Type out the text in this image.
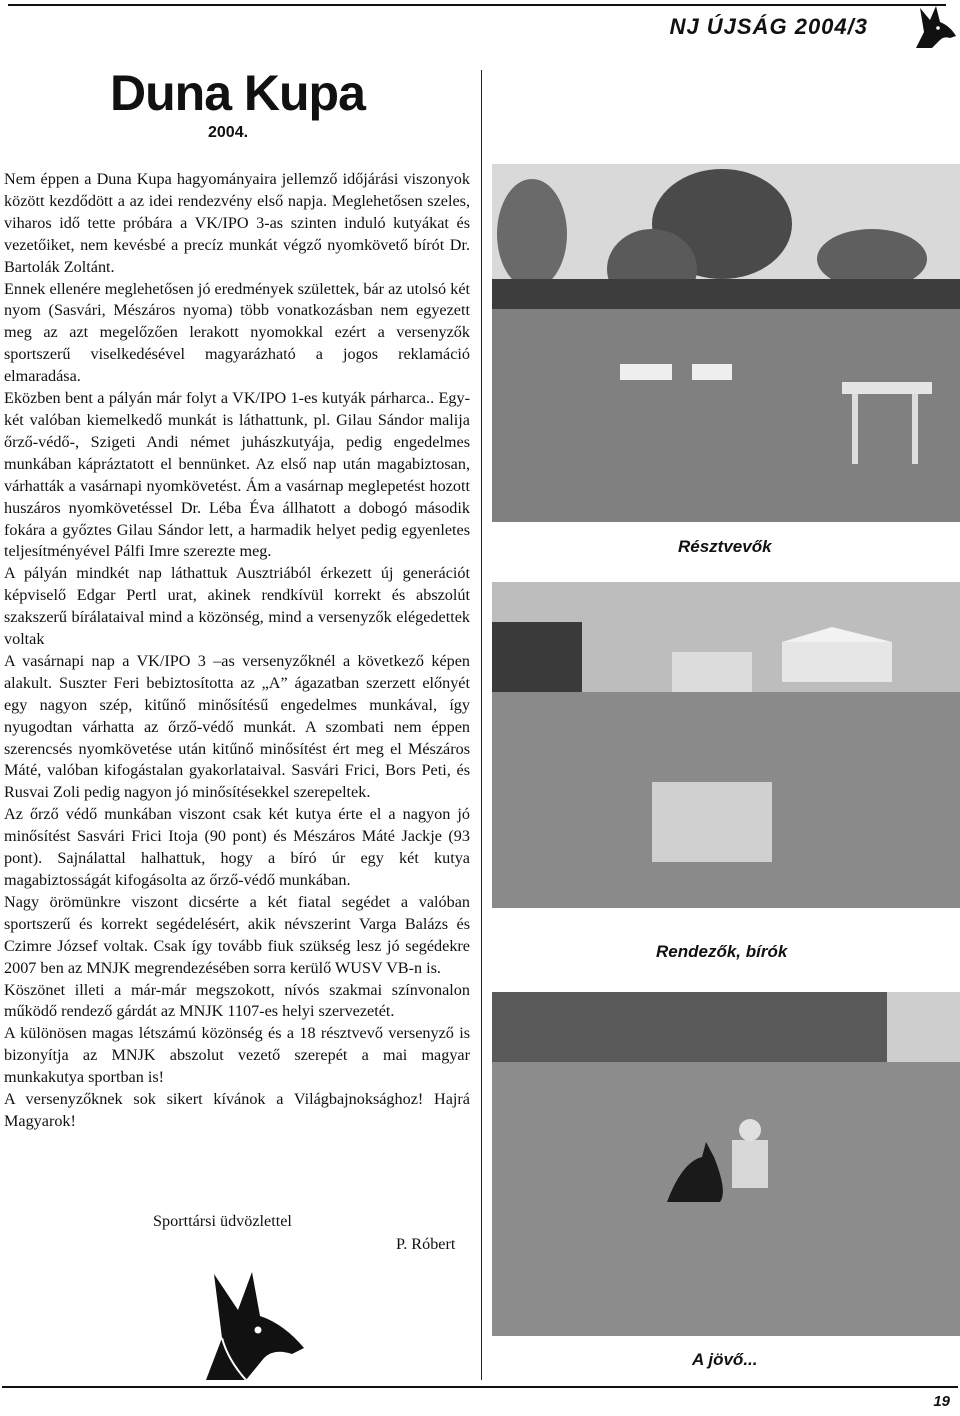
NJ ÚJSÁG 2004/3
Duna Kupa
2004.

Nem éppen a Duna Kupa hagyományaira jellemző időjárási viszonyok között kezdődött a az idei rendezvény első napja. Meglehetősen szeles, viharos idő tette próbára a VK/IPO 3-as szinten induló kutyákat és vezetőiket, nem kevésbé a precíz munkát végző nyomkövető bírót Dr. Bartolák Zoltánt.

Ennek ellenére meglehetősen jó eredmények születtek, bár az utolsó két nyom (Sasvári, Mészáros nyoma) több vonatkozásban nem egyezett meg az azt megelőzően lerakott nyomokkal ezért a versenyzők sportszerű viselkedésével magyarázható a jogos reklamáció elmaradása.

Eközben bent a pályán már folyt a VK/IPO 1-es kutyák párharca.. Egy-két valóban kiemelkedő munkát is láthattunk, pl. Gilau Sándor malija őrző-védő-, Szigeti Andi német juhászkutyája, pedig engedelmes munkában kápráztatott el bennünket. Az első nap után magabiztosan, várhatták a vasárnapi nyomkövetést. Ám a vasárnap meglepetést hozott huszáros nyomkövetéssel Dr. Léba Éva állhatott a dobogó második fokára a győztes Gilau Sándor lett, a harmadik helyet pedig egyenletes teljesítményével Pálfi Imre szerezte meg.

A pályán mindkét nap láthattuk Ausztriából érkezett új generációt képviselő Edgar Pertl urat, akinek rendkívül korrekt és abszolút szakszerű bírálataival mind a közönség, mind a versenyzők elégedettek voltak

A vasárnapi nap a VK/IPO 3 –as versenyzőknél a következő képen alakult. Suszter Feri bebiztosította az „A” ágazatban szerzett előnyét egy nagyon szép, kitűnő minősítésű engedelmes munkával, így nyugodtan várhatta az őrző-védő munkát. A szombati nem éppen szerencsés nyomkövetése után kitűnő minősítést ért meg el Mészáros Máté, valóban kifogástalan gyakorlataival. Sasvári Frici, Bors Peti, és Rusvai Zoli pedig nagyon jó minősítésekkel szerepeltek.

Az őrző védő munkában viszont csak két kutya érte el a nagyon jó minősítést Sasvári Frici Itoja (90 pont) és Mészáros Máté Jackje (93 pont). Sajnálattal halhattuk, hogy a bíró úr egy két kutya magabiztosságát kifogásolta az őrző-védő munkában.

Nagy örömünkre viszont dicsérte a két fiatal segédet a valóban sportszerű és korrekt segédelésért, akik névszerint Varga Balázs és Czimre József voltak. Csak így tovább fiuk szükség lesz jó segédekre 2007 ben az MNJK megrendezésében sorra kerülő WUSV VB-n is.

Köszönet illeti a már-már megszokott, nívós szakmai színvonalon működő rendező gárdát az MNJK 1107-es helyi szervezetét.

A különösen magas létszámú közönség és a 18 résztvevő versenyző is bizonyítja az MNJK abszolut vezető szerepét a mai magyar munkakutya sportban is!

A versenyzőknek sok sikert kívánok a Világbajnoksághoz! Hajrá Magyarok!

Sporttársi üdvözlettel
P. Róbert
Résztvevők
Rendezők, bírók
A jövő...
19
